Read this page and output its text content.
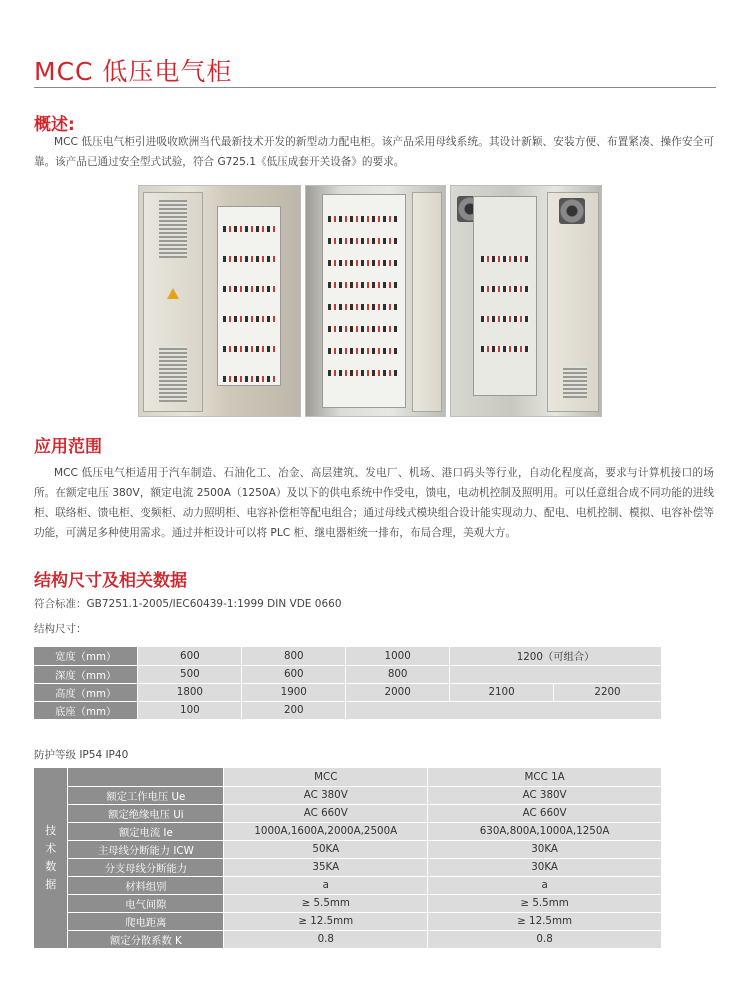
MCC 低压电气柜
概述:
MCC 低压电气柜引进吸收欧洲当代最新技术开发的新型动力配电柜。该产品采用母线系统。其设计新颖、安装方便、布置紧凑、操作安全可靠。该产品已通过安全型式试验，符合 G725.1《低压成套开关设备》的要求。
应用范围
MCC 低压电气柜适用于汽车制造、石油化工、冶金、高层建筑、发电厂、机场、港口码头等行业，自动化程度高，要求与计算机接口的场所。在额定电压 380V，额定电流 2500A（1250A）及以下的供电系统中作受电，馈电，电动机控制及照明用。可以任意组合成不同功能的进线柜、联络柜、馈电柜、变频柜、动力照明柜、电容补偿柜等配电组合；通过母线式模块组合设计能实现动力、配电、电机控制、模拟、电容补偿等功能，可满足多种使用需求。通过并柜设计可以将 PLC 柜、继电器柜统一排布，布局合理，美观大方。
结构尺寸及相关数据
符合标准：GB7251.1-2005/IEC60439-1:1999 DIN VDE 0660
结构尺寸：
宽度（mm）	600	800	1000	1200（可组合）	
深度（mm）	500	600	800		
高度（mm）	1800	1900	2000	2100	2200
底座（mm）	100	200			
防护等级 IP54 IP40
技
术
数
据		MCC	MCC 1A
	额定工作电压 Ue	AC 380V	AC 380V
	额定绝缘电压 Ui	AC 660V	AC 660V
	额定电流 Ie	1000A,1600A,2000A,2500A	630A,800A,1000A,1250A
	主母线分断能力 ICW	50KA	30KA
	分支母线分断能力	35KA	30KA
	材料组别	a	a
	电气间隙	≥ 5.5mm	≥ 5.5mm
	爬电距离	≥ 12.5mm	≥ 12.5mm
	额定分散系数 K	0.8	0.8
